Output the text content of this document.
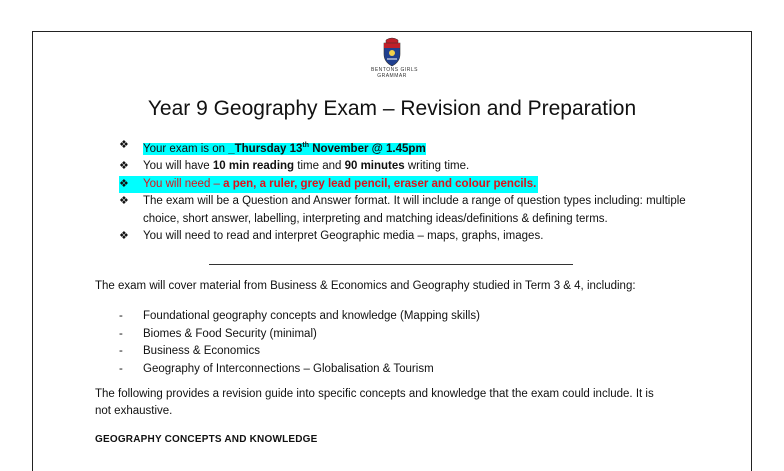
BENTONS GIRLS
GRAMMAR
Year 9 Geography Exam – Revision and Preparation
❖ Your exam is on _Thursday 13th November @ 1.45pm
❖ You will have 10 min reading time and 90 minutes writing time.
❖ You will need – a pen, a ruler, grey lead pencil, eraser and colour pencils.
❖ The exam will be a Question and Answer format. It will include a range of question types including: multiple choice, short answer, labelling, interpreting and matching ideas/definitions & defining terms.
❖ You will need to read and interpret Geographic media – maps, graphs, images.
The exam will cover material from Business & Economics and Geography studied in Term 3 & 4, including:
- Foundational geography concepts and knowledge (Mapping skills)
- Biomes & Food Security (minimal)
- Business & Economics
- Geography of Interconnections – Globalisation & Tourism
The following provides a revision guide into specific concepts and knowledge that the exam could include. It is
not exhaustive.
GEOGRAPHY CONCEPTS AND KNOWLEDGE
